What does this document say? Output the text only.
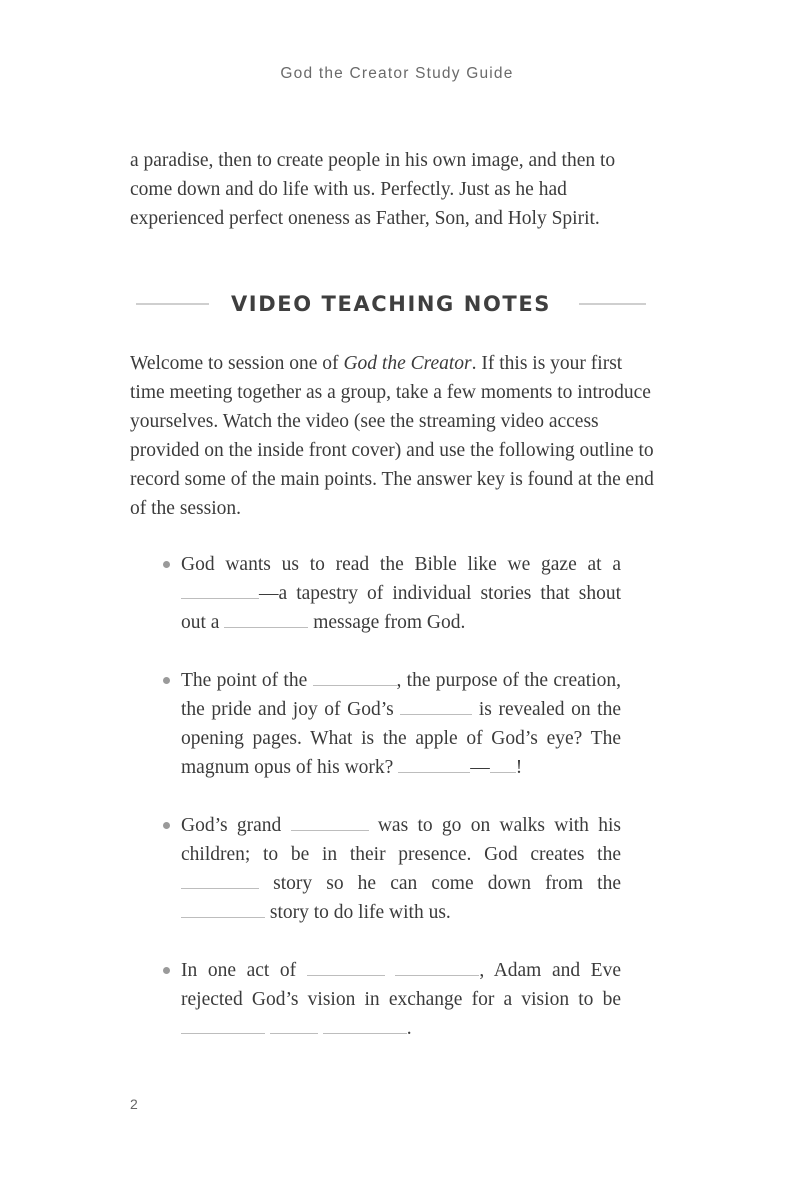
God the Creator Study Guide

a paradise, then to create people in his own image, and then to come down and do life with us. Perfectly. Just as he had experienced perfect oneness as Father, Son, and Holy Spirit.

VIDEO TEACHING NOTES

Welcome to session one of God the Creator. If this is your first time meeting together as a group, take a few moments to introduce yourselves. Watch the video (see the streaming video access provided on the inside front cover) and use the following outline to record some of the main points. The answer key is found at the end of the session.

God wants us to read the Bible like we gaze at a —a tapestry of individual stories that shout out a	message from God.
The point of the	, the purpose of the creation, the pride and joy of God’s	is revealed on the opening pages. What is the apple of God’s eye? The magnum opus of his work?	— !
God’s grand	was to go on walks with his children; to be in their presence. God creates the  story so he can come down from the  story to do life with us.
In one act of	, Adam and Eve rejected God’s vision in exchange for a vision to be   .
2
